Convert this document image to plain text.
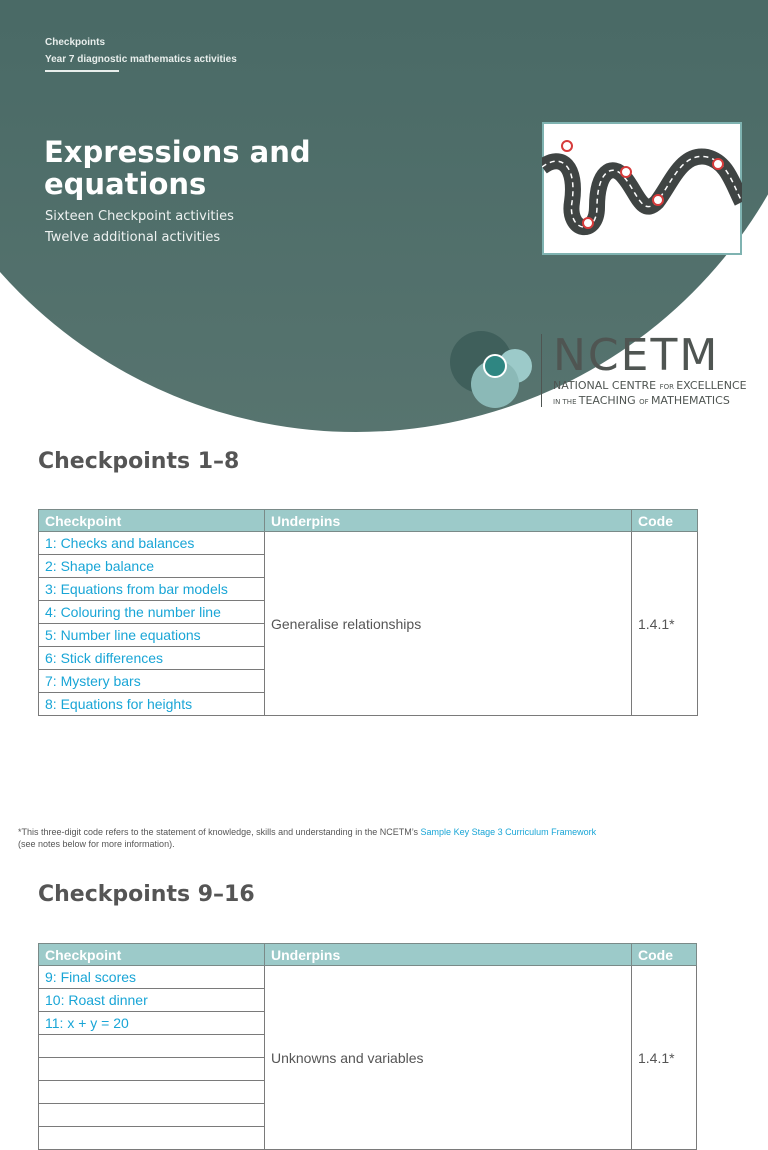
Checkpoints
Year 7 diagnostic mathematics activities
Expressions and equations
Sixteen Checkpoint activities
Twelve additional activities
Published in 2021/22	NCETM
NATIONAL CENTRE FOR EXCELLENCE
IN THE TEACHING OF MATHEMATICS
Checkpoints 1–8
Checkpoint	Underpins	Code
1: Checks and balances	Generalise relationships	1.4.1*
2: Shape balance		
3: Equations from bar models		
4: Colouring the number line		
5: Number line equations		
6: Stick differences		
7: Mystery bars		
8: Equations for heights		
*This three-digit code refers to the statement of knowledge, skills and understanding in the NCETM’s Sample Key Stage 3 Curriculum Framework
(see notes below for more information).
Checkpoints 9–16
Checkpoint	Underpins	Code
9: Final scores	Unknowns and variables	1.4.1*
10: Roast dinner		
11: x + y = 20		
